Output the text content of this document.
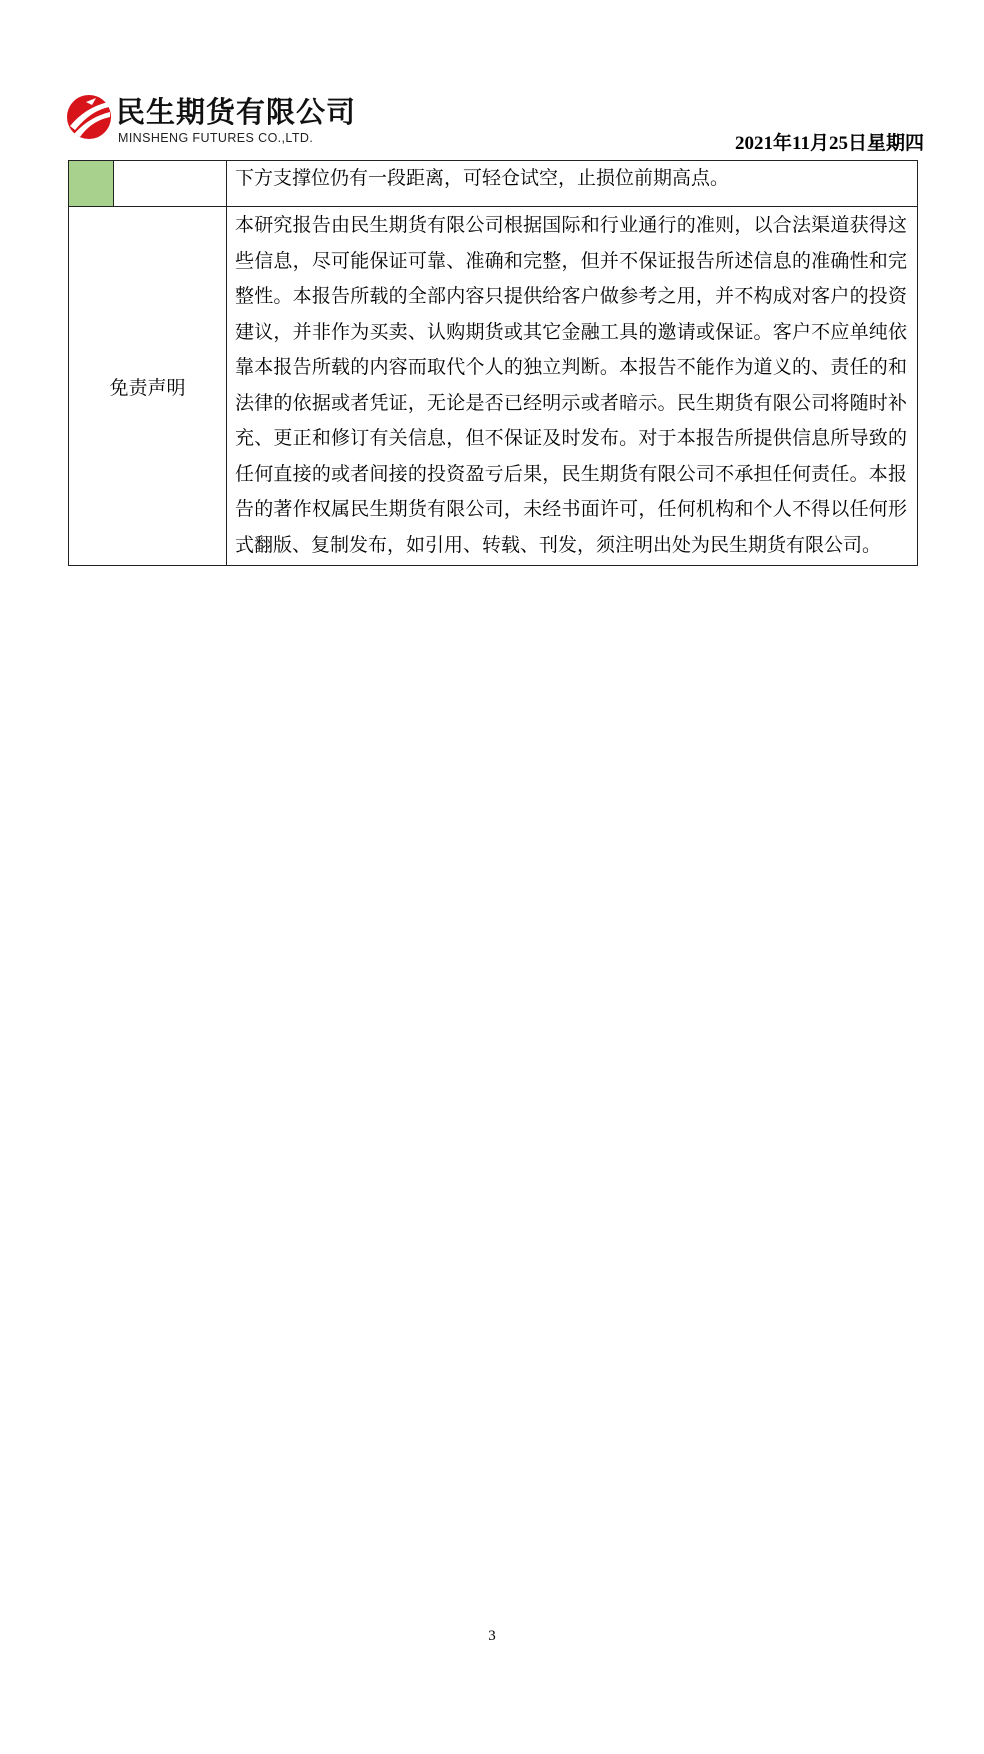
民生期货有限公司
MINSHENG FUTURES CO.,LTD.	2021年11月25日星期四
		下方支撑位仍有一段距离，可轻仓试空，止损位前期高点。
免责声明		本研究报告由民生期货有限公司根据国际和行业通行的准则，以合法渠道获得这些信息，尽可能保证可靠、准确和完整，但并不保证报告所述信息的准确性和完整性。本报告所载的全部内容只提供给客户做参考之用，并不构成对客户的投资建议，并非作为买卖、认购期货或其它金融工具的邀请或保证。客户不应单纯依靠本报告所载的内容而取代个人的独立判断。本报告不能作为道义的、责任的和法律的依据或者凭证，无论是否已经明示或者暗示。民生期货有限公司将随时补充、更正和修订有关信息，但不保证及时发布。对于本报告所提供信息所导致的任何直接的或者间接的投资盈亏后果，民生期货有限公司不承担任何责任。本报告的著作权属民生期货有限公司，未经书面许可，任何机构和个人不得以任何形式翻版、复制发布，如引用、转载、刊发，须注明出处为民生期货有限公司。
3
